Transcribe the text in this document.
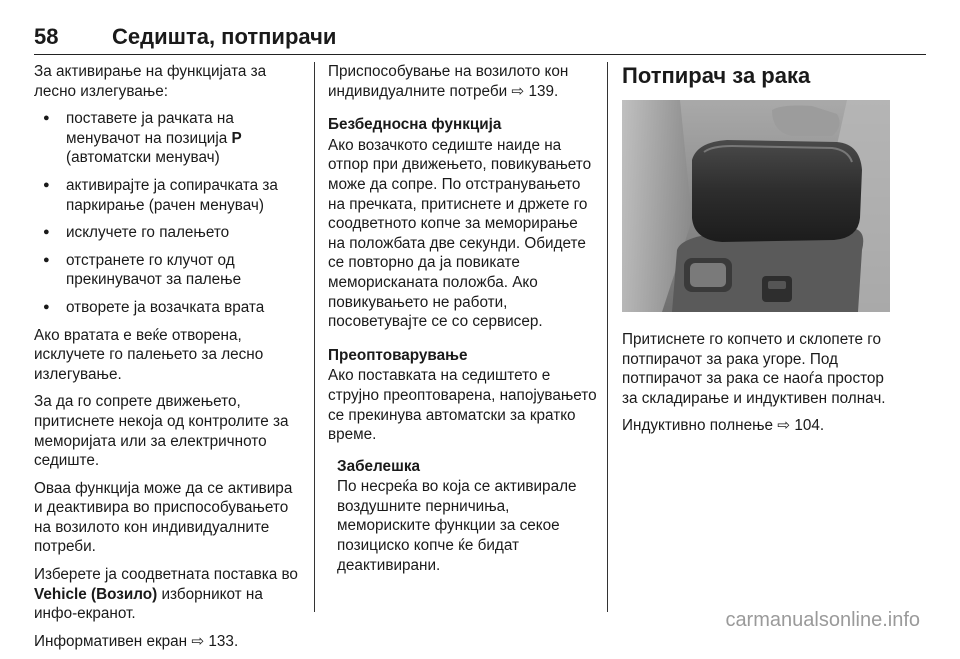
58 Седишта, потпирачи

За активирање на функцијата за лесно излегување:

● поставете ја рачката на менувачот на позиција P (автоматски менувач)
● активирајте ја сопирачката за паркирање (рачен менувач)
● исклучете го палењето
● отстранете го клучот од прекинувачот за палење
● отворете ја возачката врата

Ако вратата е веќе отворена, исклучете го палењето за лесно излегување.

За да го сопрете движењето, притиснете некоја од контролите за меморијата или за електричното седиште.

Оваа функција може да се активира и деактивира во приспособувањето на возилото кон индивидуалните потреби.

Изберете ја соодветната поставка во Vehicle (Возило) изборникот на инфо-екранот.

Информативен екран ⇨ 133.

Приспособување на возилото кон индивидуалните потреби ⇨ 139.

Безбедносна функција

Ако возачкото седиште наиде на отпор при движењето, повикувањето може да сопре. По отстранувањето на пречката, притиснете и држете го соодветното копче за меморирање на положбата две секунди. Обидете се повторно да ја повикате меморисканата положба. Ако повикувањето не работи, посоветувајте се со сервисер.

Преоптоварување

Ако поставката на седиштето е струјно преоптоварена, напојувањето се прекинува автоматски за кратко време.

Забелешка

По несреќа во која се активирале воздушните перничиња, мемориските функции за секое позициско копче ќе бидат деактивирани.

Потпирач за рака

Притиснете го копчето и склопете го потпирачот за рака угоре. Под потпирачот за рака се наоѓа простор за складирање и индуктивен полнач.

Индуктивно полнење ⇨ 104.

carmanualsonline.info
